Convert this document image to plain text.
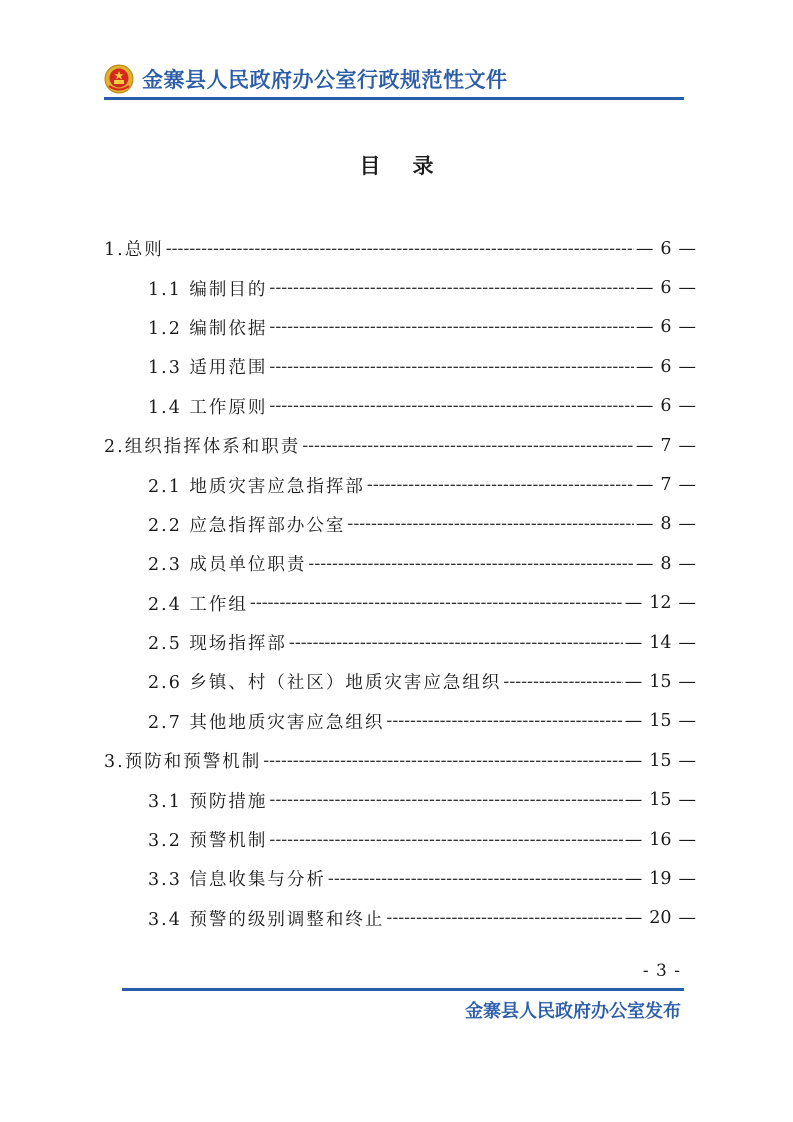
金寨县人民政府办公室行政规范性文件
目录
1.总则 -----	— 6 —
1.1 编制目的 -----	— 6 —
1.2 编制依据 -----	— 6 —
1.3 适用范围 -----	— 6 —
1.4 工作原则 -----	— 6 —
2.组织指挥体系和职责 -----	— 7 —
2.1 地质灾害应急指挥部 -----	— 7 —
2.2 应急指挥部办公室 -----	— 8 —
2.3 成员单位职责 -----	— 8 —
2.4 工作组 -----	— 12 —
2.5 现场指挥部 -----	— 14 —
2.6 乡镇、村（社区）地质灾害应急组织 -----	— 15 —
2.7 其他地质灾害应急组织 -----	— 15 —
3.预防和预警机制 -----	— 15 —
3.1 预防措施 -----	— 15 —
3.2 预警机制 -----	— 16 —
3.3 信息收集与分析 -----	— 19 —
3.4 预警的级别调整和终止 -----	— 20 —
- 3 -
金寨县人民政府办公室发布
